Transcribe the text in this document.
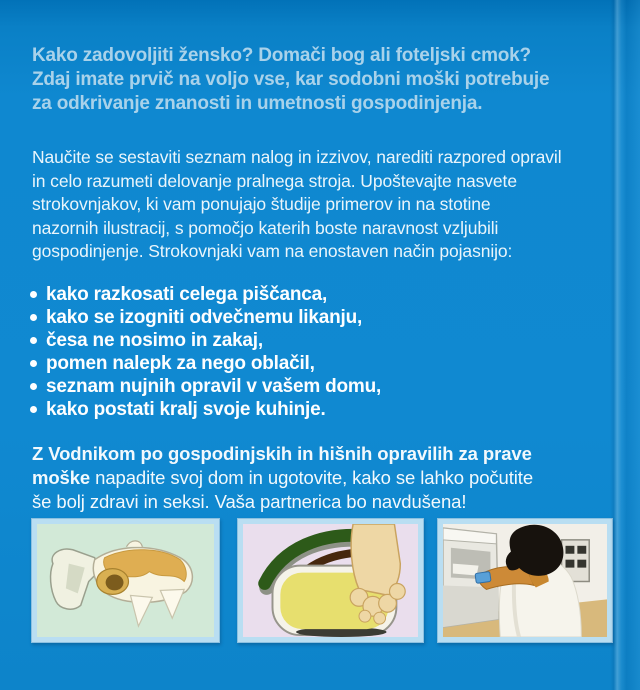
Kako zadovoljiti žensko? Domači bog ali foteljski cmok?
Zdaj imate prvič na voljo vse, kar sodobni moški potrebuje
za odkrivanje znanosti in umetnosti gospodinjenja.
Naučite se sestaviti seznam nalog in izzivov, narediti razpored opravil
in celo razumeti delovanje pralnega stroja. Upoštevajte nasvete
strokovnjakov, ki vam ponujajo študije primerov in na stotine
nazornih ilustracij, s pomočjo katerih boste naravnost vzljubili
gospodinjenje. Strokovnjaki vam na enostaven način pojasnijo:
kako razkosati celega piščanca,
kako se izogniti odvečnemu likanju,
česa ne nosimo in zakaj,
pomen nalepk za nego oblačil,
seznam nujnih opravil v vašem domu,
kako postati kralj svoje kuhinje.
Z Vodnikom po gospodinjskih in hišnih opravilih za prave
moške napadite svoj dom in ugotovite, kako se lahko počutite
še bolj zdravi in seksi. Vaša partnerica bo navdušena!
